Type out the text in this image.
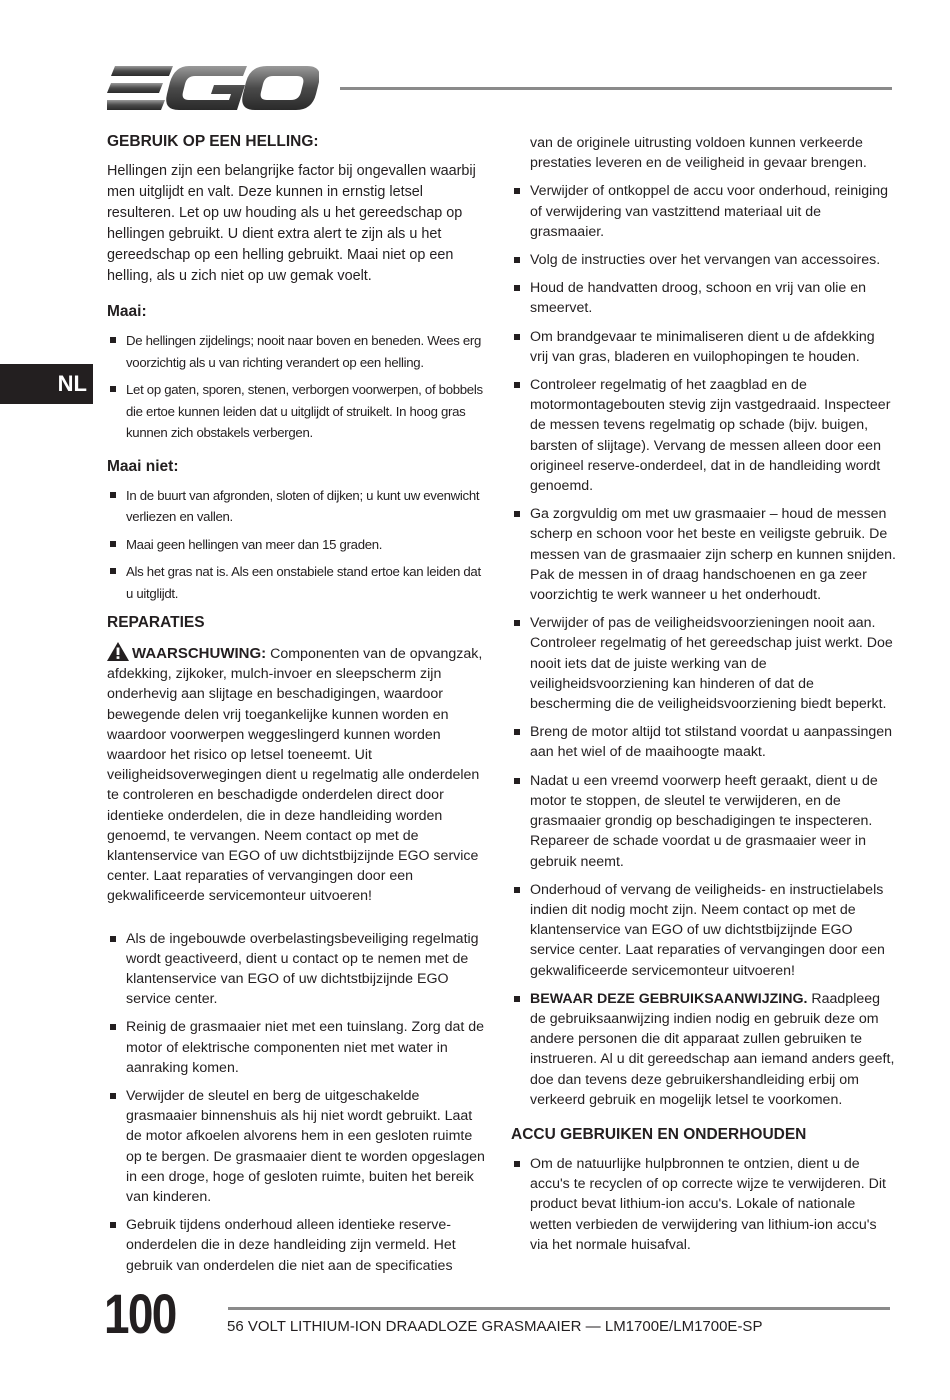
NL
GEBRUIK OP EEN HELLING:

Hellingen zijn een belangrijke factor bij ongevallen waarbij men uitglijdt en valt. Deze kunnen in ernstig letsel resulteren. Let op uw houding als u het gereedschap op hellingen gebruikt. U dient extra alert te zijn als u het gereedschap op een helling gebruikt. Maai niet op een helling, als u zich niet op uw gemak voelt.

Maai:
De hellingen zijdelings; nooit naar boven en beneden. Wees erg voorzichtig als u van richting verandert op een helling.
Let op gaten, sporen, stenen, verborgen voorwerpen, of bobbels die ertoe kunnen leiden dat u uitglijdt of struikelt. In hoog gras kunnen zich obstakels verbergen.
Maai niet:
In de buurt van afgronden, sloten of dijken; u kunt uw evenwicht verliezen en vallen.
Maai geen hellingen van meer dan 15 graden.
Als het gras nat is. Als een onstabiele stand ertoe kan leiden dat u uitglijdt.
REPARATIES

WAARSCHUWING: Componenten van de opvangzak, afdekking, zijkoker, mulch-invoer en sleepscherm zijn onderhevig aan slijtage en beschadigingen, waardoor bewegende delen vrij toegankelijke kunnen worden en waardoor voorwerpen weggeslingerd kunnen worden waardoor het risico op letsel toeneemt. Uit veiligheidsoverwegingen dient u regelmatig alle onderdelen te controleren en beschadigde onderdelen direct door identieke onderdelen, die in deze handleiding worden genoemd, te vervangen. Neem contact op met de klantenservice van EGO of uw dichtstbijzijnde EGO service center. Laat reparaties of vervangingen door een gekwalificeerde servicemonteur uitvoeren!

Als de ingebouwde overbelastingsbeveiliging regelmatig wordt geactiveerd, dient u contact op te nemen met de klantenservice van EGO of uw dichtstbijzijnde EGO service center.
Reinig de grasmaaier niet met een tuinslang. Zorg dat de motor of elektrische componenten niet met water in aanraking komen.
Verwijder de sleutel en berg de uitgeschakelde grasmaaier binnenshuis als hij niet wordt gebruikt. Laat de motor afkoelen alvorens hem in een gesloten ruimte op te bergen. De grasmaaier dient te worden opgeslagen in een droge, hoge of gesloten ruimte, buiten het bereik van kinderen.
Gebruik tijdens onderhoud alleen identieke reserve-onderdelen die in deze handleiding zijn vermeld. Het gebruik van onderdelen die niet aan de specificaties

van de originele uitrusting voldoen kunnen verkeerde prestaties leveren en de veiligheid in gevaar brengen.

Verwijder of ontkoppel de accu voor onderhoud, reiniging of verwijdering van vastzittend materiaal uit de grasmaaier.
Volg de instructies over het vervangen van accessoires.
Houd de handvatten droog, schoon en vrij van olie en smeervet.
Om brandgevaar te minimaliseren dient u de afdekking vrij van gras, bladeren en vuilophopingen te houden.
Controleer regelmatig of het zaagblad en de motormontagebouten stevig zijn vastgedraaid. Inspecteer de messen tevens regelmatig op schade (bijv. buigen, barsten of slijtage). Vervang de messen alleen door een origineel reserve-onderdeel, dat in de handleiding wordt genoemd.
Ga zorgvuldig om met uw grasmaaier – houd de messen scherp en schoon voor het beste en veiligste gebruik. De messen van de grasmaaier zijn scherp en kunnen snijden. Pak de messen in of draag handschoenen en ga zeer voorzichtig te werk wanneer u het onderhoudt.
Verwijder of pas de veiligheidsvoorzieningen nooit aan. Controleer regelmatig of het gereedschap juist werkt. Doe nooit iets dat de juiste werking van de veiligheidsvoorziening kan hinderen of dat de bescherming die de veiligheidsvoorziening biedt beperkt.
Breng de motor altijd tot stilstand voordat u aanpassingen aan het wiel of de maaihoogte maakt.
Nadat u een vreemd voorwerp heeft geraakt, dient u de motor te stoppen, de sleutel te verwijderen, en de grasmaaier grondig op beschadigingen te inspecteren. Repareer de schade voordat u de grasmaaier weer in gebruik neemt.
Onderhoud of vervang de veiligheids- en instructielabels indien dit nodig mocht zijn. Neem contact op met de klantenservice van EGO of uw dichtstbijzijnde EGO service center. Laat reparaties of vervangingen door een gekwalificeerde servicemonteur uitvoeren!
BEWAAR DEZE GEBRUIKSAANWIJZING. Raadpleeg de gebruiksaanwijzing indien nodig en gebruik deze om andere personen die dit apparaat zullen gebruiken te instrueren. Al u dit gereedschap aan iemand anders geeft, doe dan tevens deze gebruikershandleiding erbij om verkeerd gebruik en mogelijk letsel te voorkomen.
ACCU GEBRUIKEN EN ONDERHOUDEN
Om de natuurlijke hulpbronnen te ontzien, dient u de accu's te recyclen of op correcte wijze te verwijderen. Dit product bevat lithium-ion accu's. Lokale of nationale wetten verbieden de verwijdering van lithium-ion accu's via het normale huisafval.
100	56 VOLT LITHIUM-ION DRAADLOZE GRASMAAIER — LM1700E/LM1700E-SP
